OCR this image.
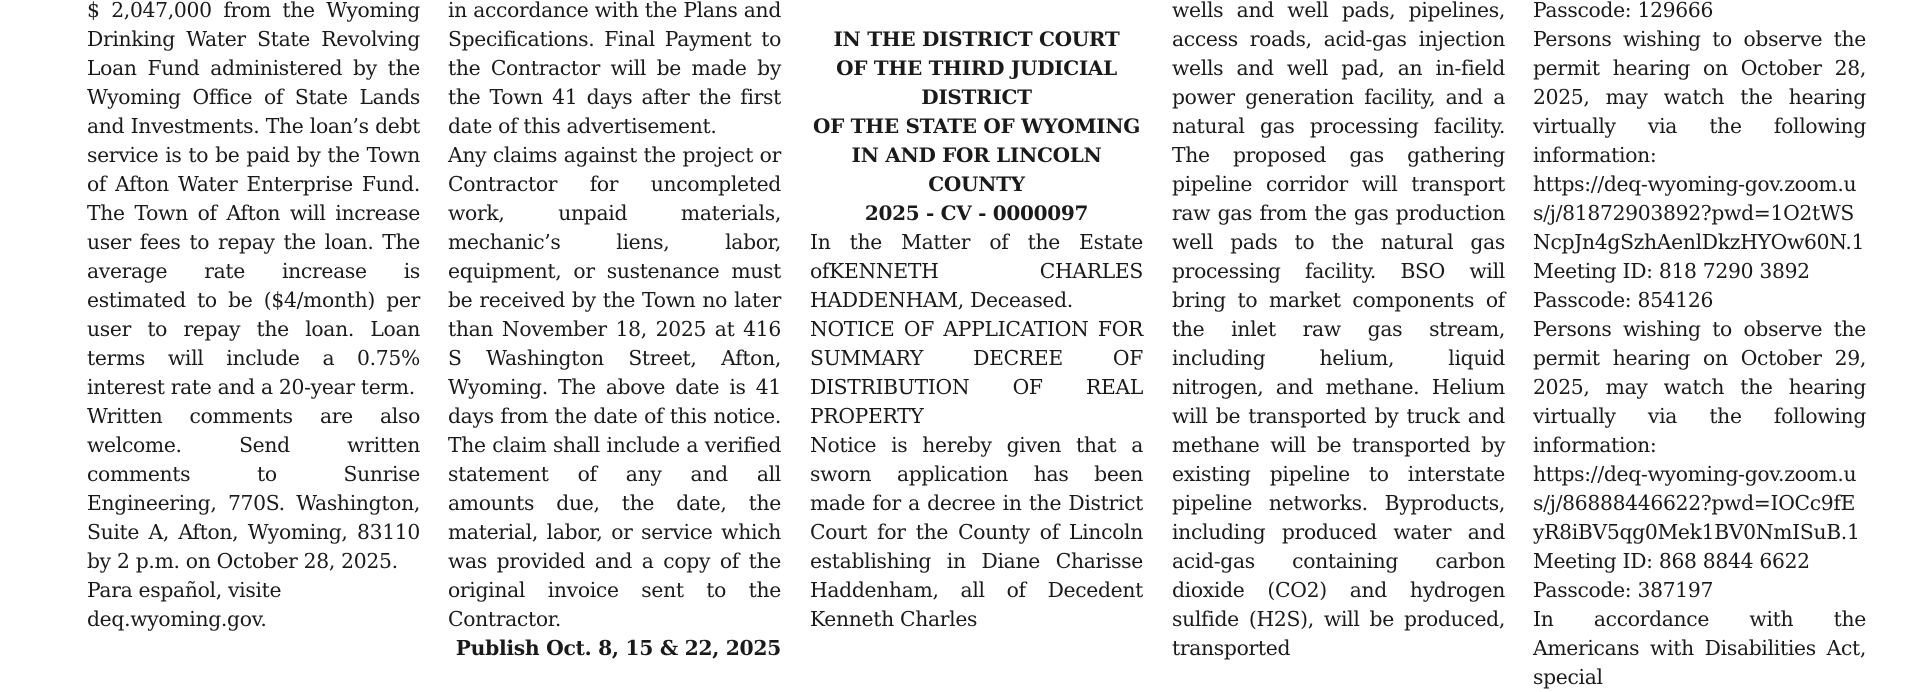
$ 2,047,000 from the Wyoming Drinking Water State Revolving Loan Fund administered by the Wyoming Office of State Lands and Investments. The loan’s debt service is to be paid by the Town of Afton Water Enterprise Fund. The Town of Afton will increase user fees to repay the loan. The average rate increase is estimated to be ($4/month) per user to repay the loan. Loan terms will include a 0.75% interest rate and a 20-year term.

Written comments are also welcome. Send written comments to Sunrise Engineering, 770S. Washington, Suite A, Afton, Wyoming, 83110 by 2 p.m. on October 28, 2025.

Para español, visite deq.wyoming.gov.

in accordance with the Plans and Specifications. Final Payment to the Contractor will be made by the Town 41 days after the first date of this advertisement.

Any claims against the project or Contractor for uncompleted work, unpaid materials, mechanic’s liens, labor, equipment, or sustenance must be received by the Town no later than November 18, 2025 at 416 S Washington Street, Afton, Wyoming. The above date is 41 days from the date of this notice. The claim shall include a verified statement of any and all amounts due, the date, the material, labor, or service which was provided and a copy of the original invoice sent to the Contractor.

Publish Oct. 8, 15 & 22, 2025

IN THE DISTRICT COURT

OF THE THIRD JUDICIAL DISTRICT

OF THE STATE OF WYOMING

IN AND FOR LINCOLN COUNTY

2025 - CV - 0000097

In the Matter of the Estate ofKENNETH CHARLES HADDENHAM, Deceased.

NOTICE OF APPLICATION FOR SUMMARY DECREE OF DISTRIBUTION OF REAL PROPERTY

Notice is hereby given that a sworn application has been made for a decree in the District Court for the County of Lincoln establishing in Diane Charisse Haddenham, all of Decedent Kenneth Charles

wells and well pads, pipelines, access roads, acid-gas injection wells and well pad, an in-field power generation facility, and a natural gas processing facility. The proposed gas gathering pipeline corridor will transport raw gas from the gas production well pads to the natural gas processing facility. BSO will bring to market components of the inlet raw gas stream, including helium, liquid nitrogen, and methane. Helium will be transported by truck and methane will be transported by existing pipeline to interstate pipeline networks. Byproducts, including produced water and acid-gas containing carbon dioxide (CO2) and hydrogen sulfide (H2S), will be produced, transported

Passcode: 129666

Persons wishing to observe the permit hearing on October 28, 2025, may watch the hearing virtually via the following information:

https://deq-wyoming-gov.zoom.us/j/81872903892?pwd=1O2tWSNcpJn4gSzhAenlDkzHYOw60N.1

Meeting ID: 818 7290 3892

Passcode: 854126

Persons wishing to observe the permit hearing on October 29, 2025, may watch the hearing virtually via the following information:

https://deq-wyoming-gov.zoom.us/j/86888446622?pwd=IOCc9fEyR8iBV5qg0Mek1BV0NmISuB.1

Meeting ID: 868 8844 6622

Passcode: 387197

In accordance with the Americans with Disabilities Act, special
